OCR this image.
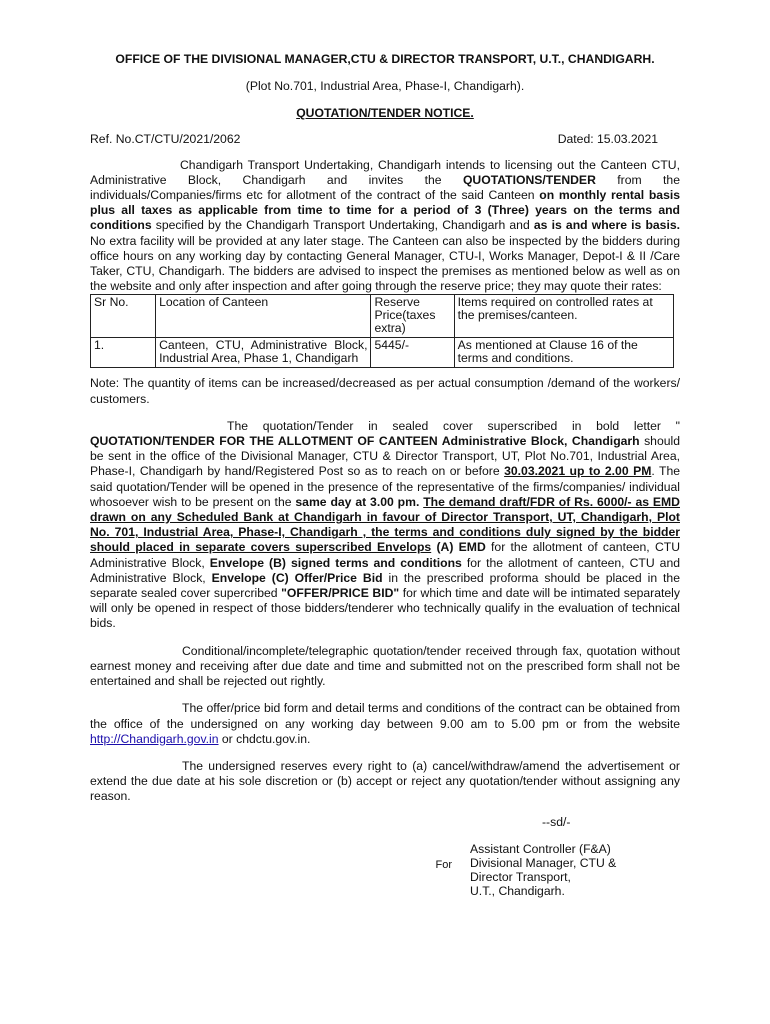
OFFICE OF THE DIVISIONAL MANAGER,CTU & DIRECTOR TRANSPORT, U.T., CHANDIGARH.
(Plot No.701, Industrial Area, Phase-I, Chandigarh).
QUOTATION/TENDER NOTICE.
Ref. No.CT/CTU/2021/2062	Dated: 15.03.2021
Chandigarh Transport Undertaking, Chandigarh intends to licensing out the Canteen CTU, Administrative Block, Chandigarh and invites the QUOTATIONS/TENDER from the individuals/Companies/firms etc for allotment of the contract of the said Canteen on monthly rental basis plus all taxes as applicable from time to time for a period of 3 (Three) years on the terms and conditions specified by the Chandigarh Transport Undertaking, Chandigarh and as is and where is basis. No extra facility will be provided at any later stage. The Canteen can also be inspected by the bidders during office hours on any working day by contacting General Manager, CTU-I, Works Manager, Depot-I & II /Care Taker, CTU, Chandigarh. The bidders are advised to inspect the premises as mentioned below as well as on the website and only after inspection and after going through the reserve price; they may quote their rates:
Sr No.	Location of Canteen	Reserve Price(taxes extra)	Items required on controlled rates at the premises/canteen.
1.	Canteen, CTU, Administrative Block, Industrial Area, Phase 1, Chandigarh	5445/-	As mentioned at Clause 16 of the terms and conditions.
Note: The quantity of items can be increased/decreased as per actual consumption /demand of the workers/ customers.
The quotation/Tender in sealed cover superscribed in bold letter " QUOTATION/TENDER FOR THE ALLOTMENT OF CANTEEN Administrative Block, Chandigarh should be sent in the office of the Divisional Manager, CTU & Director Transport, UT, Plot No.701, Industrial Area, Phase-I, Chandigarh by hand/Registered Post so as to reach on or before 30.03.2021 up to 2.00 PM. The said quotation/Tender will be opened in the presence of the representative of the firms/companies/ individual whosoever wish to be present on the same day at 3.00 pm. The demand draft/FDR of Rs. 6000/- as EMD drawn on any Scheduled Bank at Chandigarh in favour of Director Transport, UT, Chandigarh, Plot No. 701, Industrial Area, Phase-I, Chandigarh , the terms and conditions duly signed by the bidder should placed in separate covers superscribed Envelops (A) EMD for the allotment of canteen, CTU Administrative Block, Envelope (B) signed terms and conditions for the allotment of canteen, CTU and Administrative Block, Envelope (C) Offer/Price Bid in the prescribed proforma should be placed in the separate sealed cover supercribed "OFFER/PRICE BID" for which time and date will be intimated separately will only be opened in respect of those bidders/tenderer who technically qualify in the evaluation of technical bids.
Conditional/incomplete/telegraphic quotation/tender received through fax, quotation without earnest money and receiving after due date and time and submitted not on the prescribed form shall not be entertained and shall be rejected out rightly.
The offer/price bid form and detail terms and conditions of the contract can be obtained from the office of the undersigned on any working day between 9.00 am to 5.00 pm or from the website http://Chandigarh.gov.in or chdctu.gov.in.
The undersigned reserves every right to (a) cancel/withdraw/amend the advertisement or extend the due date at his sole discretion or (b) accept or reject any quotation/tender without assigning any reason.
--sd/-
For
Assistant Controller (F&A)
Divisional Manager, CTU &
Director Transport,
U.T., Chandigarh.
